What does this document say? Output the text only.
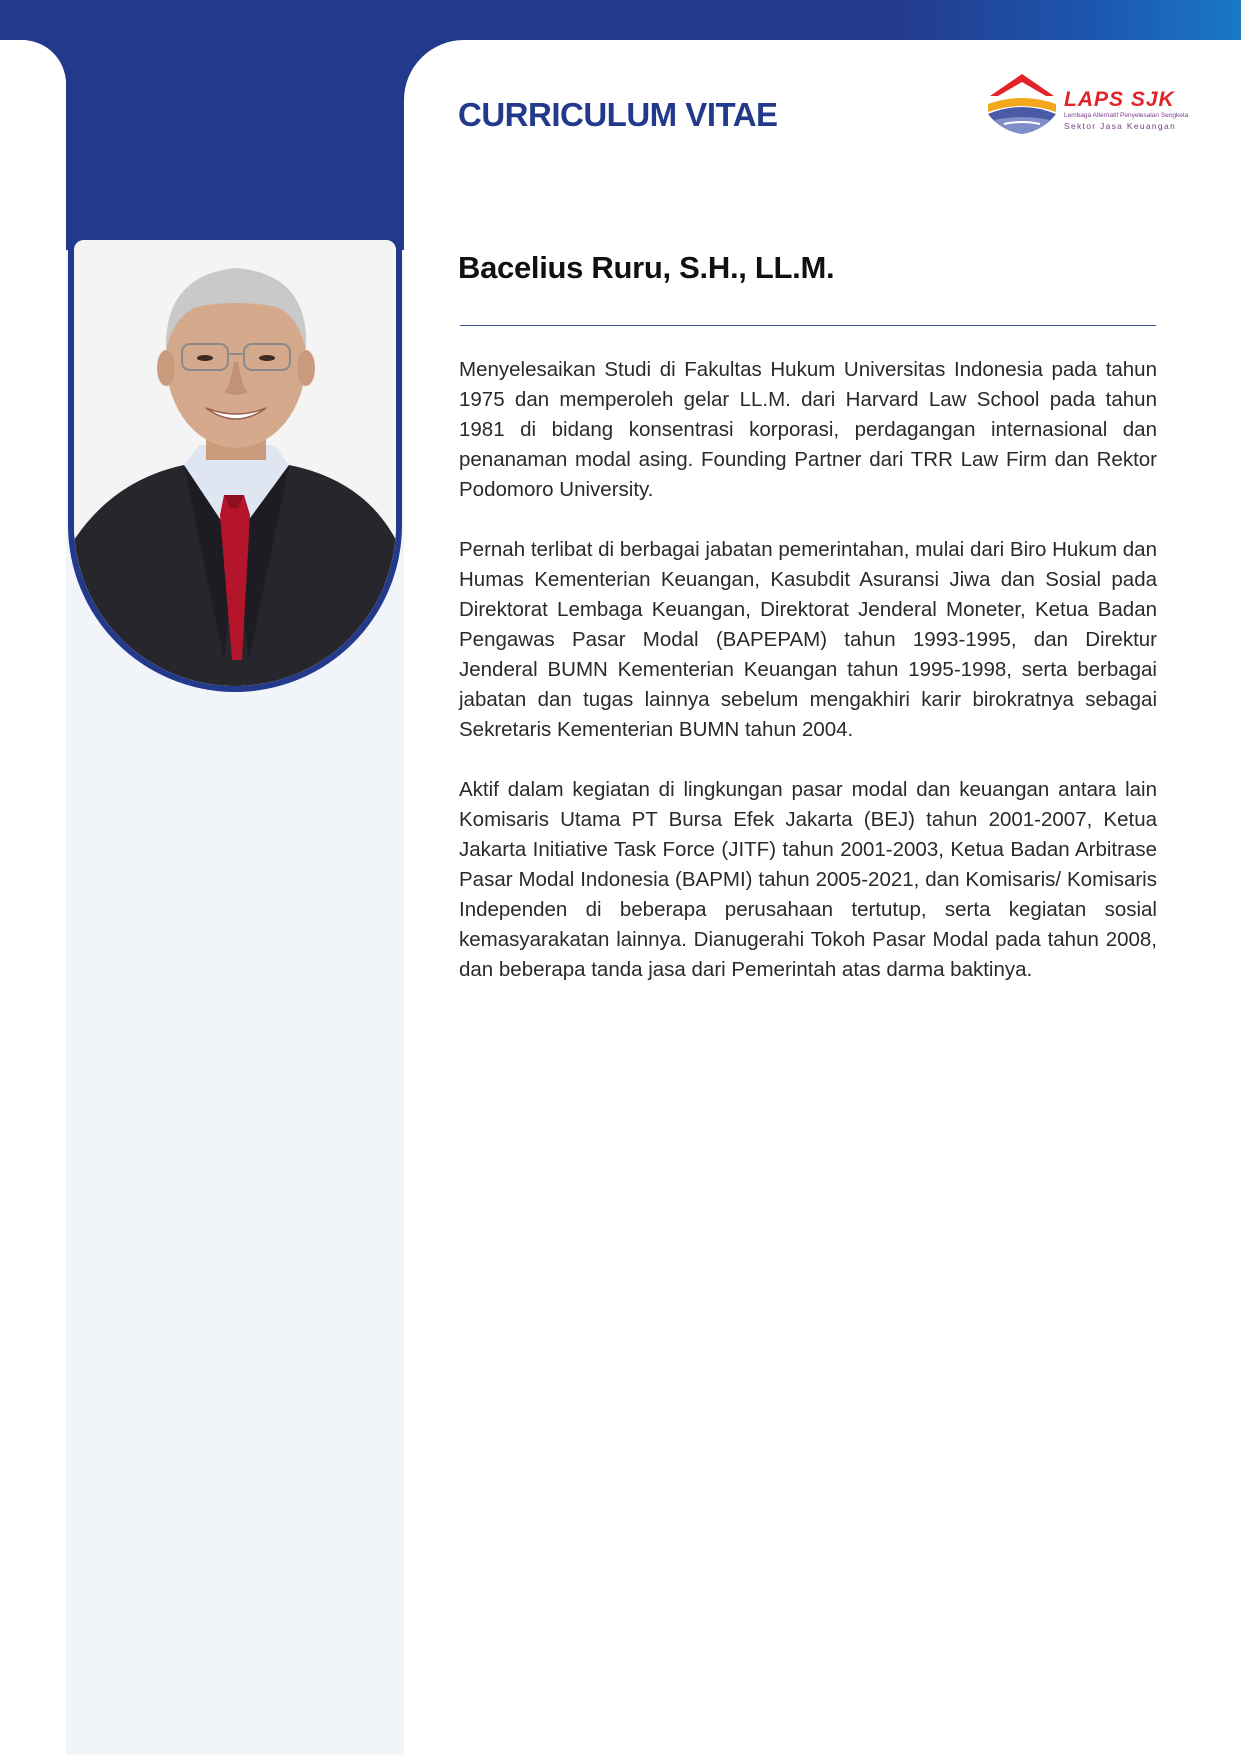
CURRICULUM VITAE	LAPS SJK
Lembaga Alternatif Penyelesaian Sengketa
Sektor Jasa Keuangan
Bacelius Ruru, S.H., LL.M.

Menyelesaikan Studi di Fakultas Hukum Universitas Indonesia pada tahun 1975 dan memperoleh gelar LL.M. dari Harvard Law School pada tahun 1981 di bidang konsentrasi korporasi, perdagangan internasional dan penanaman modal asing. Founding Partner dari TRR Law Firm dan Rektor Podomoro University.

Pernah terlibat di berbagai jabatan pemerintahan, mulai dari Biro Hukum dan Humas Kementerian Keuangan, Kasubdit Asuransi Jiwa dan Sosial pada Direktorat Lembaga Keuangan, Direktorat Jenderal Moneter, Ketua Badan Pengawas Pasar Modal (BAPEPAM) tahun 1993-1995, dan Direktur Jenderal BUMN Kementerian Keuangan tahun 1995-1998, serta berbagai jabatan dan tugas lainnya sebelum mengakhiri karir birokratnya sebagai Sekretaris Kementerian BUMN tahun 2004.

Aktif dalam kegiatan di lingkungan pasar modal dan keuangan antara lain Komisaris Utama PT Bursa Efek Jakarta (BEJ) tahun 2001-2007, Ketua Jakarta Initiative Task Force (JITF) tahun 2001-2003, Ketua Badan Arbitrase Pasar Modal Indonesia (BAPMI) tahun 2005-2021, dan Komisaris/ Komisaris Independen di beberapa perusahaan tertutup, serta kegiatan sosial kemasyarakatan lainnya. Dianugerahi Tokoh Pasar Modal pada tahun 2008, dan beberapa tanda jasa dari Pemerintah atas darma baktinya.
